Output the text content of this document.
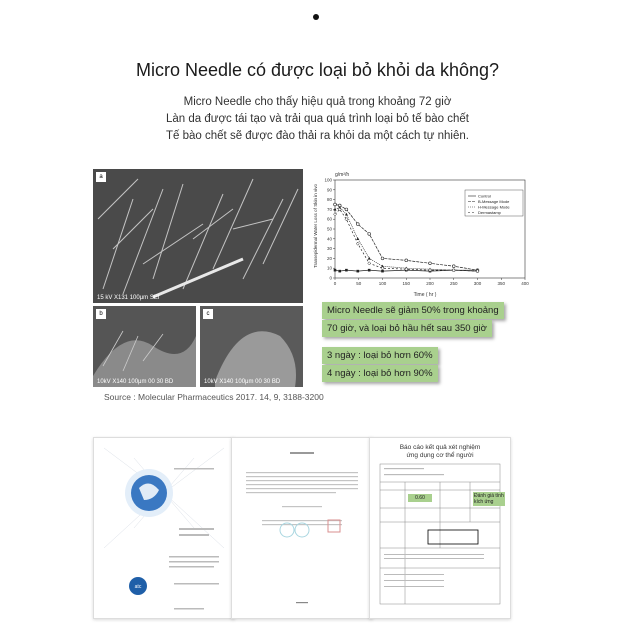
Micro Needle có được loại bỏ khỏi da không?
Micro Needle cho thấy hiệu quả trong khoảng 72 giờ
Làn da được tái tạo và trải qua quá trình loại bỏ tế bào chết
Tế bào chết sẽ được đào thải ra khỏi da một cách tự nhiên.
a
15 kV X131 100μm SEI
b
10kV X140 100μm 00 30 BD
c
10kV X140 100μm 00 30 BD
g/m²/h
Transepidermal Water Loss of Skin in vivo
Time ( hr )
0	50	100	150	200	250	300	350	400
0
10
20
30
40
50
60
70
80
90
100
Control
B-Message Mode
H-Message Mode
Dermastamp
Micro Needle sẽ giảm 50% trong khoảng
70 giờ, và loại bỏ hầu hết sau 350 giờ
3 ngày : loại bỏ hơn 60%
4 ngày : loại bỏ hơn 90%
Source : Molecular Pharmaceutics 2017. 14, 9, 3188-3200
atc
Báo cáo kết quả xét nghiệm
ứng dụng cơ thể người
0.60	Đánh giá tính kích ứng
